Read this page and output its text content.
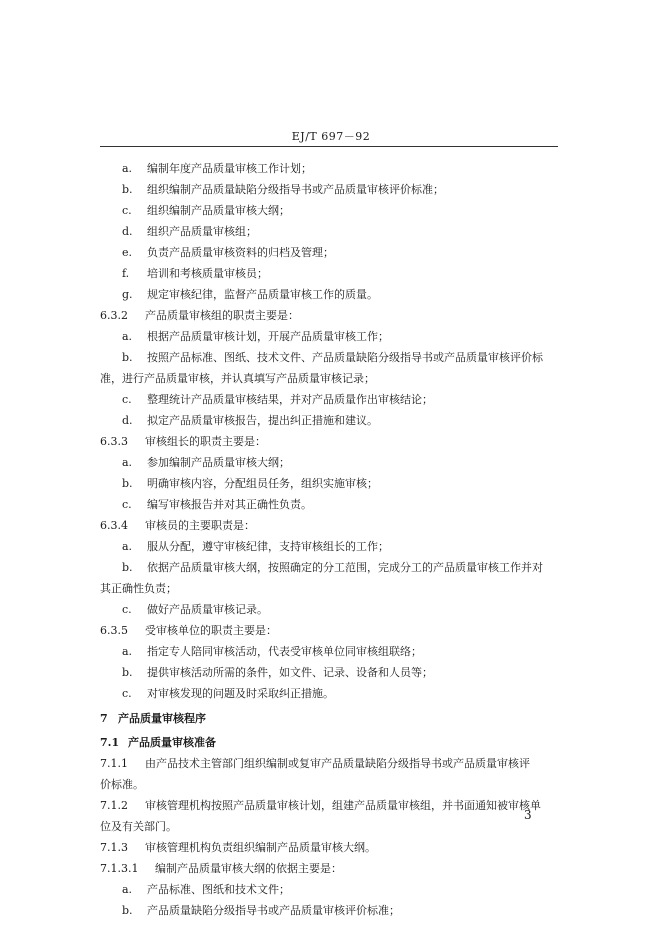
EJ/T 697－92
a. 编制年度产品质量审核工作计划；
b. 组织编制产品质量缺陷分级指导书或产品质量审核评价标准；
c. 组织编制产品质量审核大纲；
d. 组织产品质量审核组；
e. 负责产品质量审核资料的归档及管理；
f. 培训和考核质量审核员；
g. 规定审核纪律，监督产品质量审核工作的质量。
6.3.2 产品质量审核组的职责主要是：
a. 根据产品质量审核计划，开展产品质量审核工作；
b. 按照产品标准、图纸、技术文件、产品质量缺陷分级指导书或产品质量审核评价标
准，进行产品质量审核，并认真填写产品质量审核记录；
c. 整理统计产品质量审核结果，并对产品质量作出审核结论；
d. 拟定产品质量审核报告，提出纠正措施和建议。
6.3.3 审核组长的职责主要是：
a. 参加编制产品质量审核大纲；
b. 明确审核内容，分配组员任务，组织实施审核；
c. 编写审核报告并对其正确性负责。
6.3.4 审核员的主要职责是：
a. 服从分配，遵守审核纪律，支持审核组长的工作；
b. 依据产品质量审核大纲，按照确定的分工范围，完成分工的产品质量审核工作并对
其正确性负责；
c. 做好产品质量审核记录。
6.3.5 受审核单位的职责主要是：
a. 指定专人陪同审核活动，代表受审核单位同审核组联络；
b. 提供审核活动所需的条件，如文件、记录、设备和人员等；
c. 对审核发现的问题及时采取纠正措施。
7 产品质量审核程序
7.1 产品质量审核准备
7.1.1 由产品技术主管部门组织编制或复审产品质量缺陷分级指导书或产品质量审核评
价标准。
7.1.2 审核管理机构按照产品质量审核计划，组建产品质量审核组，并书面通知被审核单
位及有关部门。
7.1.3 审核管理机构负责组织编制产品质量审核大纲。
7.1.3.1 编制产品质量审核大纲的依据主要是：
a. 产品标准、图纸和技术文件；
b. 产品质量缺陷分级指导书或产品质量审核评价标准；
3
